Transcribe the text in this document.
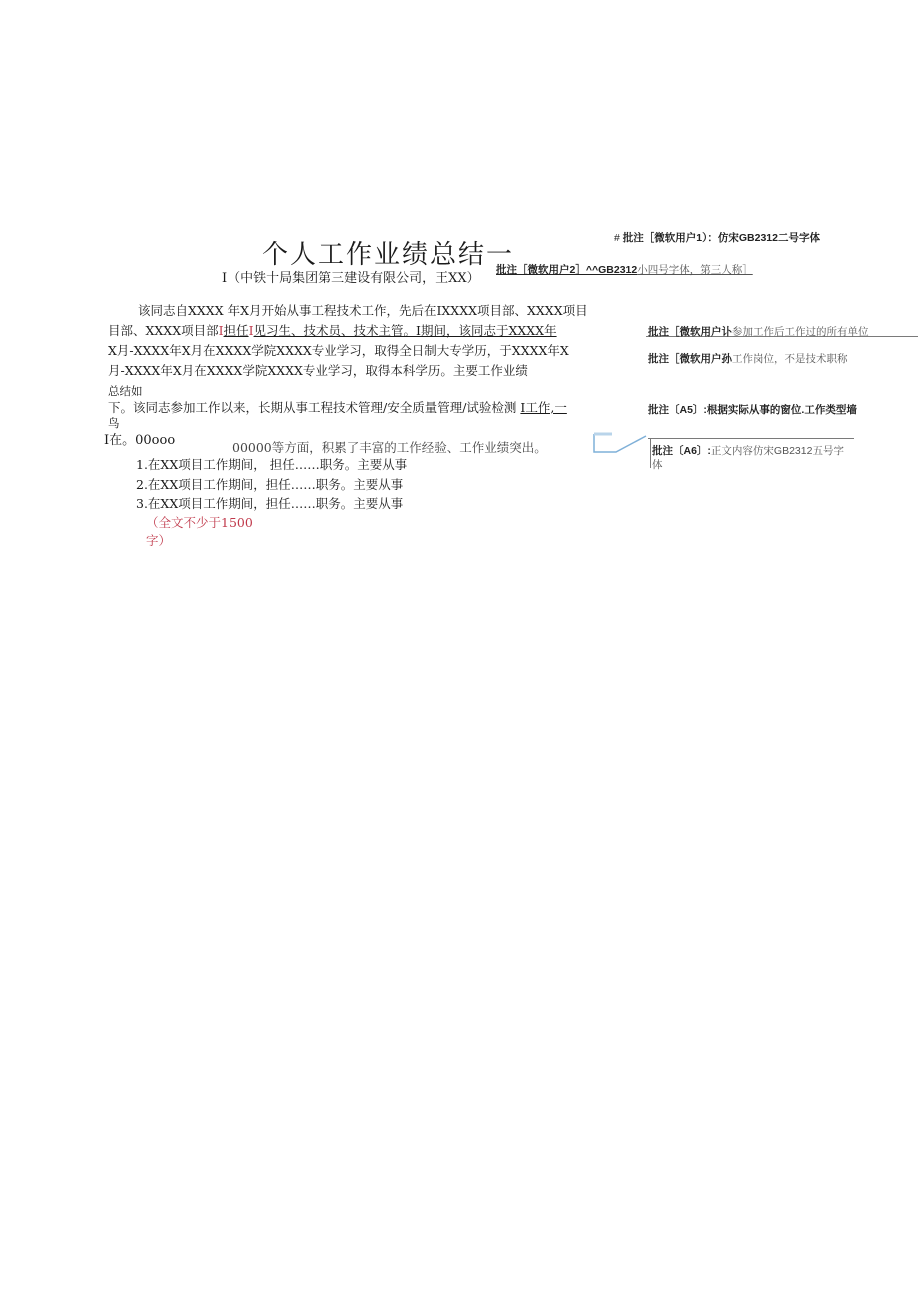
个人工作业绩总结一
I（中铁十局集团第三建设有限公司，王XX）
该同志自XXXX 年X月开始从事工程技术工作，先后在IXXXX项目部、XXXX项目
目部、XXXX项目部I担任I见习生、技术员、技术主管。I期间，该同志于XXXX年
X月-XXXX年X月在XXXX学院XXXX专业学习，取得全日制大专学历，于XXXX年X
月-XXXX年X月在XXXX学院XXXX专业学习，取得本科学历。主要工作业绩
总结如
下。该同志参加工作以来，长期从事工程技术管理/安全质量管理/试验检测 I工作,一
鸟
I在。00ooo	00000等方面，积累了丰富的工作经验、工作业绩突出。
1.在XX项目工作期间， 担任……职务。主要从事
2.在XX项目工作期间，担任……职务。主要从事
3.在XX项目工作期间，担任……职务。主要从事
（全文不少于1500
字）
# 批注［微软用户1）：仿宋GB2312二号字体
批注［微软用户2］^^GB2312小四号字体，第三人称］
批注［微软用户讣参加工作后工作过的所有单位
批注［微软用户孙工作岗位，不是技术职称
批注〔A5〕:根据实际从事的窗位.工作类型墙
批注〔A6〕:正文内容仿宋GB2312五号字
体
